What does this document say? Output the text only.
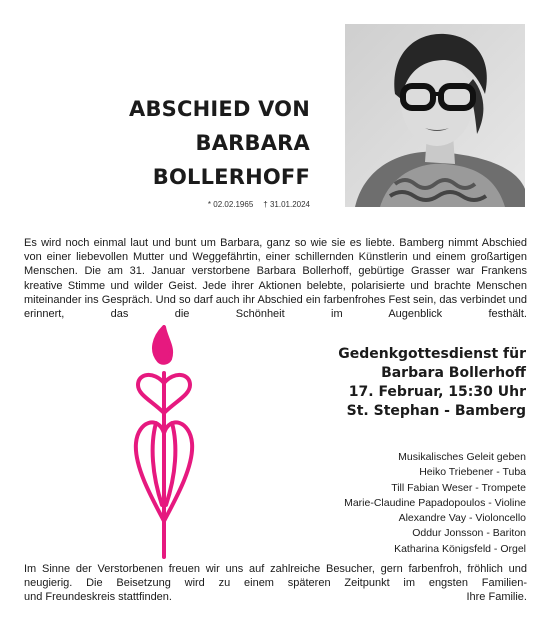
ABSCHIED VON
BARBARA
BOLLERHOFF
* 02.02.1965 † 31.01.2024

Es wird noch einmal laut und bunt um Barbara, ganz so wie sie es liebte. Bamberg nimmt Abschied von einer liebevollen Mutter und Weggefährtin, einer schillernden Künstlerin und einem großartigen Menschen. Die am 31. Januar verstorbene Barbara Bollerhoff, gebürtige Grasser war Frankens kreative Stimme und wilder Geist. Jede ihrer Aktionen belebte, polarisierte und brachte Menschen miteinander ins Gespräch. Und so darf auch ihr Abschied ein farbenfrohes Fest sein, das verbindet und erinnert, das die Schönheit im Augenblick festhält.

Gedenkgottesdienst für
Barbara Bollerhoff
17. Februar, 15:30 Uhr
St. Stephan - Bamberg
Musikalisches Geleit geben
Heiko Triebener - Tuba
Till Fabian Weser - Trompete
Marie-Claudine Papadopoulos - Violine
Alexandre Vay - Violoncello
Oddur Jonsson - Bariton
Katharina Königsfeld - Orgel
Im Sinne der Verstorbenen freuen wir uns auf zahlreiche Besucher, gern farbenfroh, fröhlich und neugierig. Die Beisetzung wird zu einem späteren Zeitpunkt im engsten Familien-
und Freundeskreis stattfinden.	Ihre Familie.
